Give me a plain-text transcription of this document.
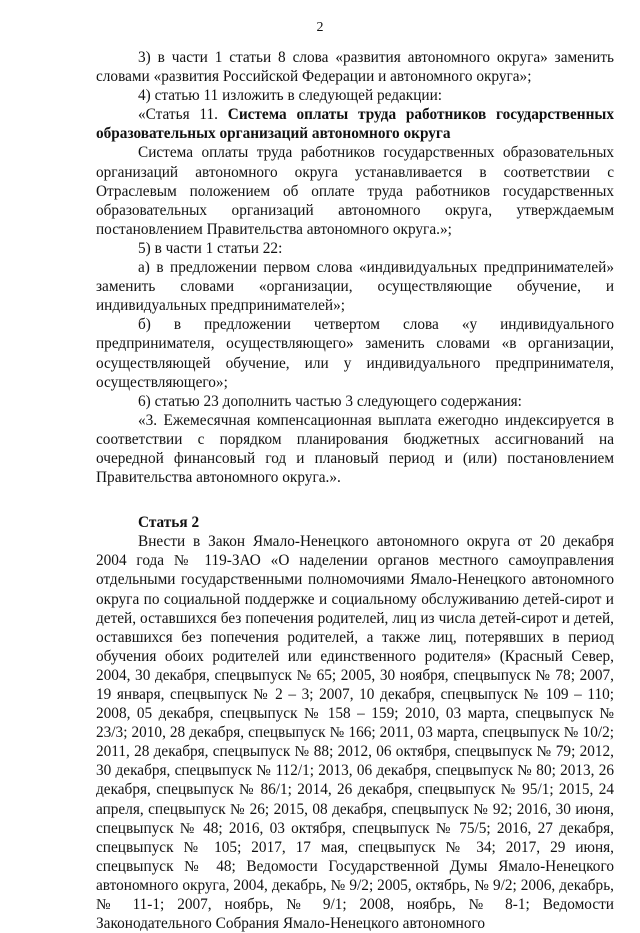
2

3) в части 1 статьи 8 слова «развития автономного округа» заменить словами «развития Российской Федерации и автономного округа»;

4) статью 11 изложить в следующей редакции:

«Статья 11. Система оплаты труда работников государственных образовательных организаций автономного округа

Система оплаты труда работников государственных образовательных организаций автономного округа устанавливается в соответствии с Отраслевым положением об оплате труда работников государственных образовательных организаций автономного округа, утверждаемым постановлением Правительства автономного округа.»;

5) в части 1 статьи 22:

а) в предложении первом слова «индивидуальных предпринимателей» заменить словами «организации, осуществляющие обучение, и индивидуальных предпринимателей»;

б) в предложении четвертом слова «у индивидуального предпринимателя, осуществляющего» заменить словами «в организации, осуществляющей обучение, или у индивидуального предпринимателя, осуществляющего»;

6) статью 23 дополнить частью 3 следующего содержания:

«3. Ежемесячная компенсационная выплата ежегодно индексируется в соответствии с порядком планирования бюджетных ассигнований на очередной финансовый год и плановый период и (или) постановлением Правительства автономного округа.».

Статья 2

Внести в Закон Ямало-Ненецкого автономного округа от 20 декабря 2004 года № 119-ЗАО «О наделении органов местного самоуправления отдельными государственными полномочиями Ямало-Ненецкого автономного округа по социальной поддержке и социальному обслуживанию детей-сирот и детей, оставшихся без попечения родителей, лиц из числа детей-сирот и детей, оставшихся без попечения родителей, а также лиц, потерявших в период обучения обоих родителей или единственного родителя» (Красный Север, 2004, 30 декабря, спецвыпуск № 65; 2005, 30 ноября, спецвыпуск № 78; 2007, 19 января, спецвыпуск № 2 – 3; 2007, 10 декабря, спецвыпуск № 109 – 110; 2008, 05 декабря, спецвыпуск № 158 – 159; 2010, 03 марта, спецвыпуск № 23/3; 2010, 28 декабря, спецвыпуск № 166; 2011, 03 марта, спецвыпуск № 10/2; 2011, 28 декабря, спецвыпуск № 88; 2012, 06 октября, спецвыпуск № 79; 2012, 30 декабря, спецвыпуск № 112/1; 2013, 06 декабря, спецвыпуск № 80; 2013, 26 декабря, спецвыпуск № 86/1; 2014, 26 декабря, спецвыпуск № 95/1; 2015, 24 апреля, спецвыпуск № 26; 2015, 08 декабря, спецвыпуск № 92; 2016, 30 июня, спецвыпуск № 48; 2016, 03 октября, спецвыпуск № 75/5; 2016, 27 декабря, спецвыпуск № 105; 2017, 17 мая, спецвыпуск № 34; 2017, 29 июня, спецвыпуск № 48; Ведомости Государственной Думы Ямало-Ненецкого автономного округа, 2004, декабрь, № 9/2; 2005, октябрь, № 9/2; 2006, декабрь, № 11-1; 2007, ноябрь, № 9/1; 2008, ноябрь, № 8-1; Ведомости Законодательного Собрания Ямало-Ненецкого автономного
